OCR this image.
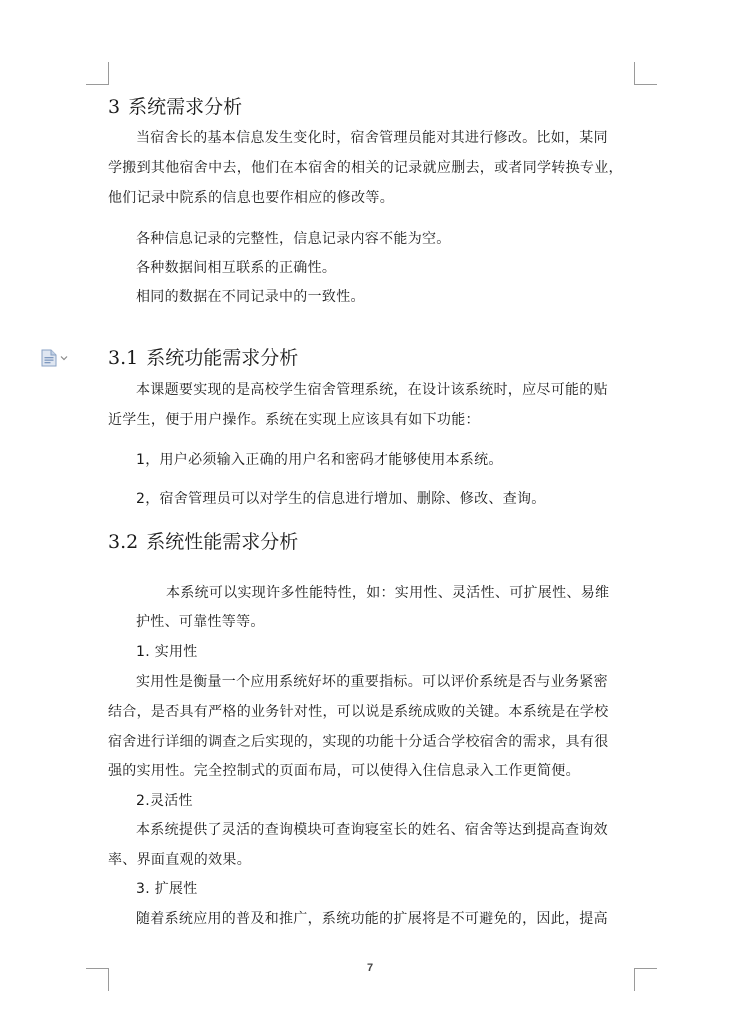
3 系统需求分析
当宿舍长的基本信息发生变化时，宿舍管理员能对其进行修改。比如，某同
学搬到其他宿舍中去，他们在本宿舍的相关的记录就应删去，或者同学转换专业，
他们记录中院系的信息也要作相应的修改等。
各种信息记录的完整性，信息记录内容不能为空。
各种数据间相互联系的正确性。
相同的数据在不同记录中的一致性。
3.1 系统功能需求分析
本课题要实现的是高校学生宿舍管理系统，在设计该系统时，应尽可能的贴
近学生，便于用户操作。系统在实现上应该具有如下功能：
1，用户必须输入正确的用户名和密码才能够使用本系统。
2，宿舍管理员可以对学生的信息进行增加、删除、修改、查询。
3.2 系统性能需求分析
本系统可以实现许多性能特性，如：实用性、灵活性、可扩展性、易维
护性、可靠性等等。
1. 实用性
实用性是衡量一个应用系统好坏的重要指标。可以评价系统是否与业务紧密
结合，是否具有严格的业务针对性，可以说是系统成败的关键。本系统是在学校
宿舍进行详细的调查之后实现的，实现的功能十分适合学校宿舍的需求，具有很
强的实用性。完全控制式的页面布局，可以使得入住信息录入工作更简便。
2.灵活性
本系统提供了灵活的查询模块可查询寝室长的姓名、宿舍等达到提高查询效
率、界面直观的效果。
3. 扩展性
随着系统应用的普及和推广，系统功能的扩展将是不可避免的，因此，提高
7
